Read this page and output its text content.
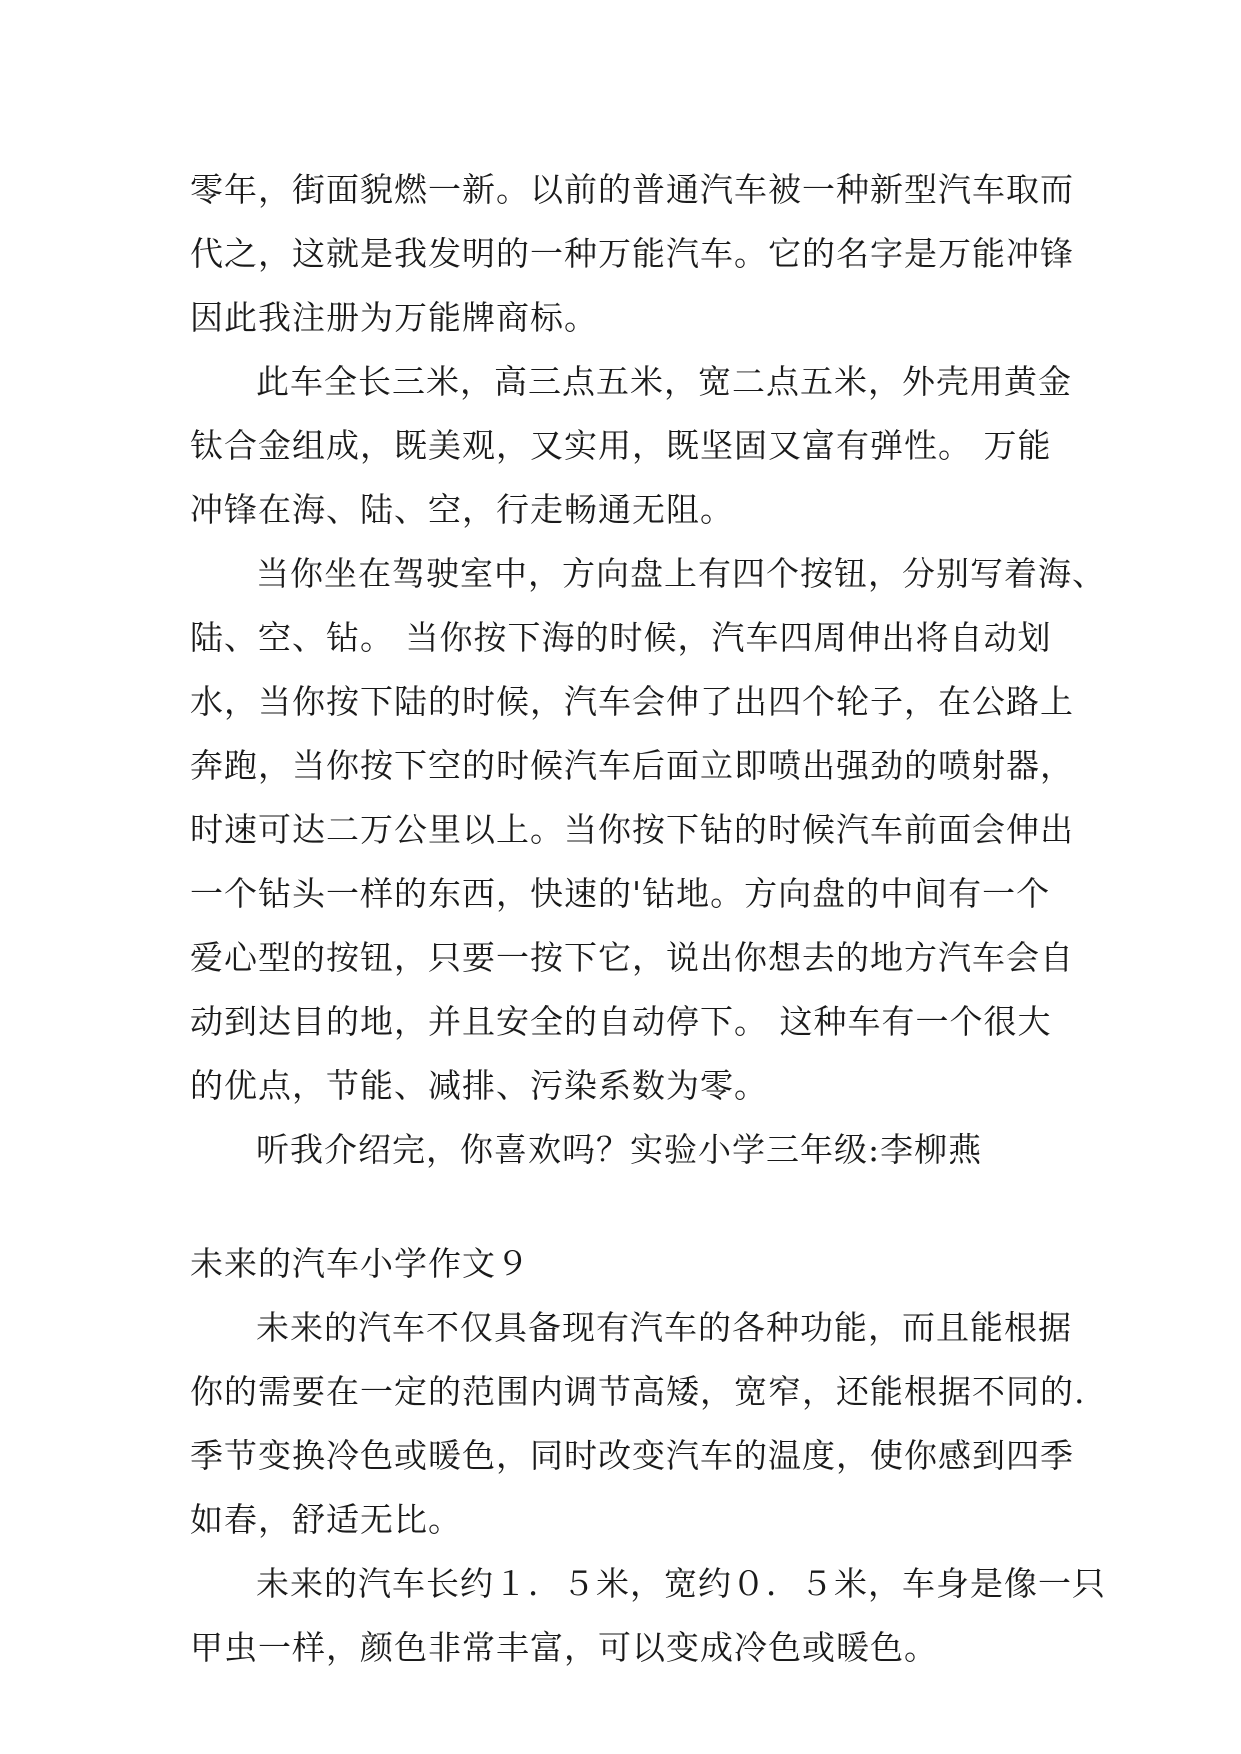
零年，街面貌燃一新。以前的普通汽车被一种新型汽车取而
代之，这就是我发明的一种万能汽车。它的名字是万能冲锋
因此我注册为万能牌商标。
此车全长三米，高三点五米，宽二点五米，外壳用黄金
钛合金组成，既美观，又实用，既坚固又富有弹性。 万能
冲锋在海、陆、空，行走畅通无阻。
当你坐在驾驶室中，方向盘上有四个按钮，分别写着海、
陆、空、钻。 当你按下海的时候，汽车四周伸出将自动划
水，当你按下陆的时候，汽车会伸了出四个轮子，在公路上
奔跑，当你按下空的时候汽车后面立即喷出强劲的喷射器，
时速可达二万公里以上。当你按下钻的时候汽车前面会伸出
一个钻头一样的东西，快速的'钻地。方向盘的中间有一个
爱心型的按钮，只要一按下它，说出你想去的地方汽车会自
动到达目的地，并且安全的自动停下。 这种车有一个很大
的优点，节能、减排、污染系数为零。
听我介绍完，你喜欢吗？实验小学三年级:李柳燕
未来的汽车小学作文９
未来的汽车不仅具备现有汽车的各种功能，而且能根据
你的需要在一定的范围内调节高矮，宽窄，还能根据不同的.
季节变换冷色或暖色，同时改变汽车的温度，使你感到四季
如春，舒适无比。
未来的汽车长约１．５米，宽约０．５米，车身是像一只
甲虫一样，颜色非常丰富，可以变成冷色或暖色。
